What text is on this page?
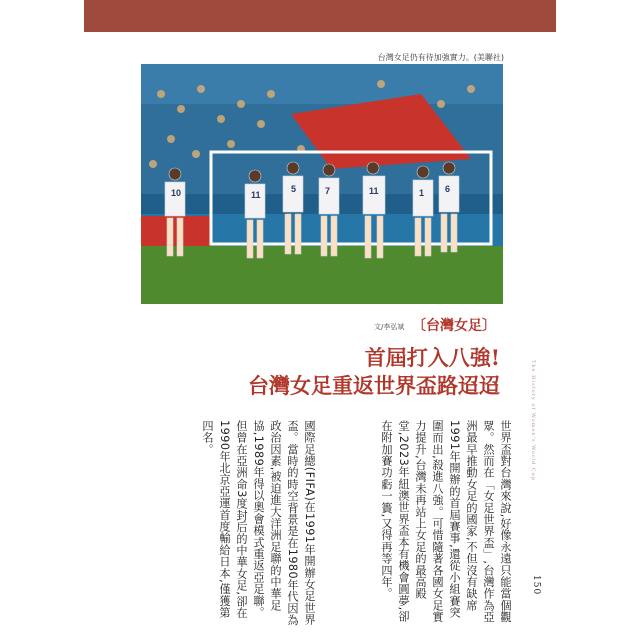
台灣女足仍有待加強實力。(美聯社)
10	11
5	7	11	1 6
文/李弘斌 〔台灣女足〕
首屆打入八強!
台灣女足重返世界盃路迢迢
世界盃對台灣來說,好像永遠只能當個觀眾。然而在「女足世界盃」,台灣作為亞洲最早推動女足的國家,不但沒有缺席1991年開辦的首屆賽事,還從小組賽突圍而出,殺進八強。可惜隨著各國女足實力提升,台灣未再站上女足的最高殿堂,2023年紐澳世界盃本有機會圓夢,卻在附加賽功虧一簣,又得再等四年。
國際足總(FIFA)在1991年開辦女足世界盃。當時的時空背景是在1980年代因為政治因素,被迫進大洋洲足聯的中華足協,1989年得以奧會模式重返亞足聯。但曾在亞洲命3度封后的中華女足,卻在1990年北京亞運首度輸給日本,僅獲第四名。	The History of Women's World Cup
150
